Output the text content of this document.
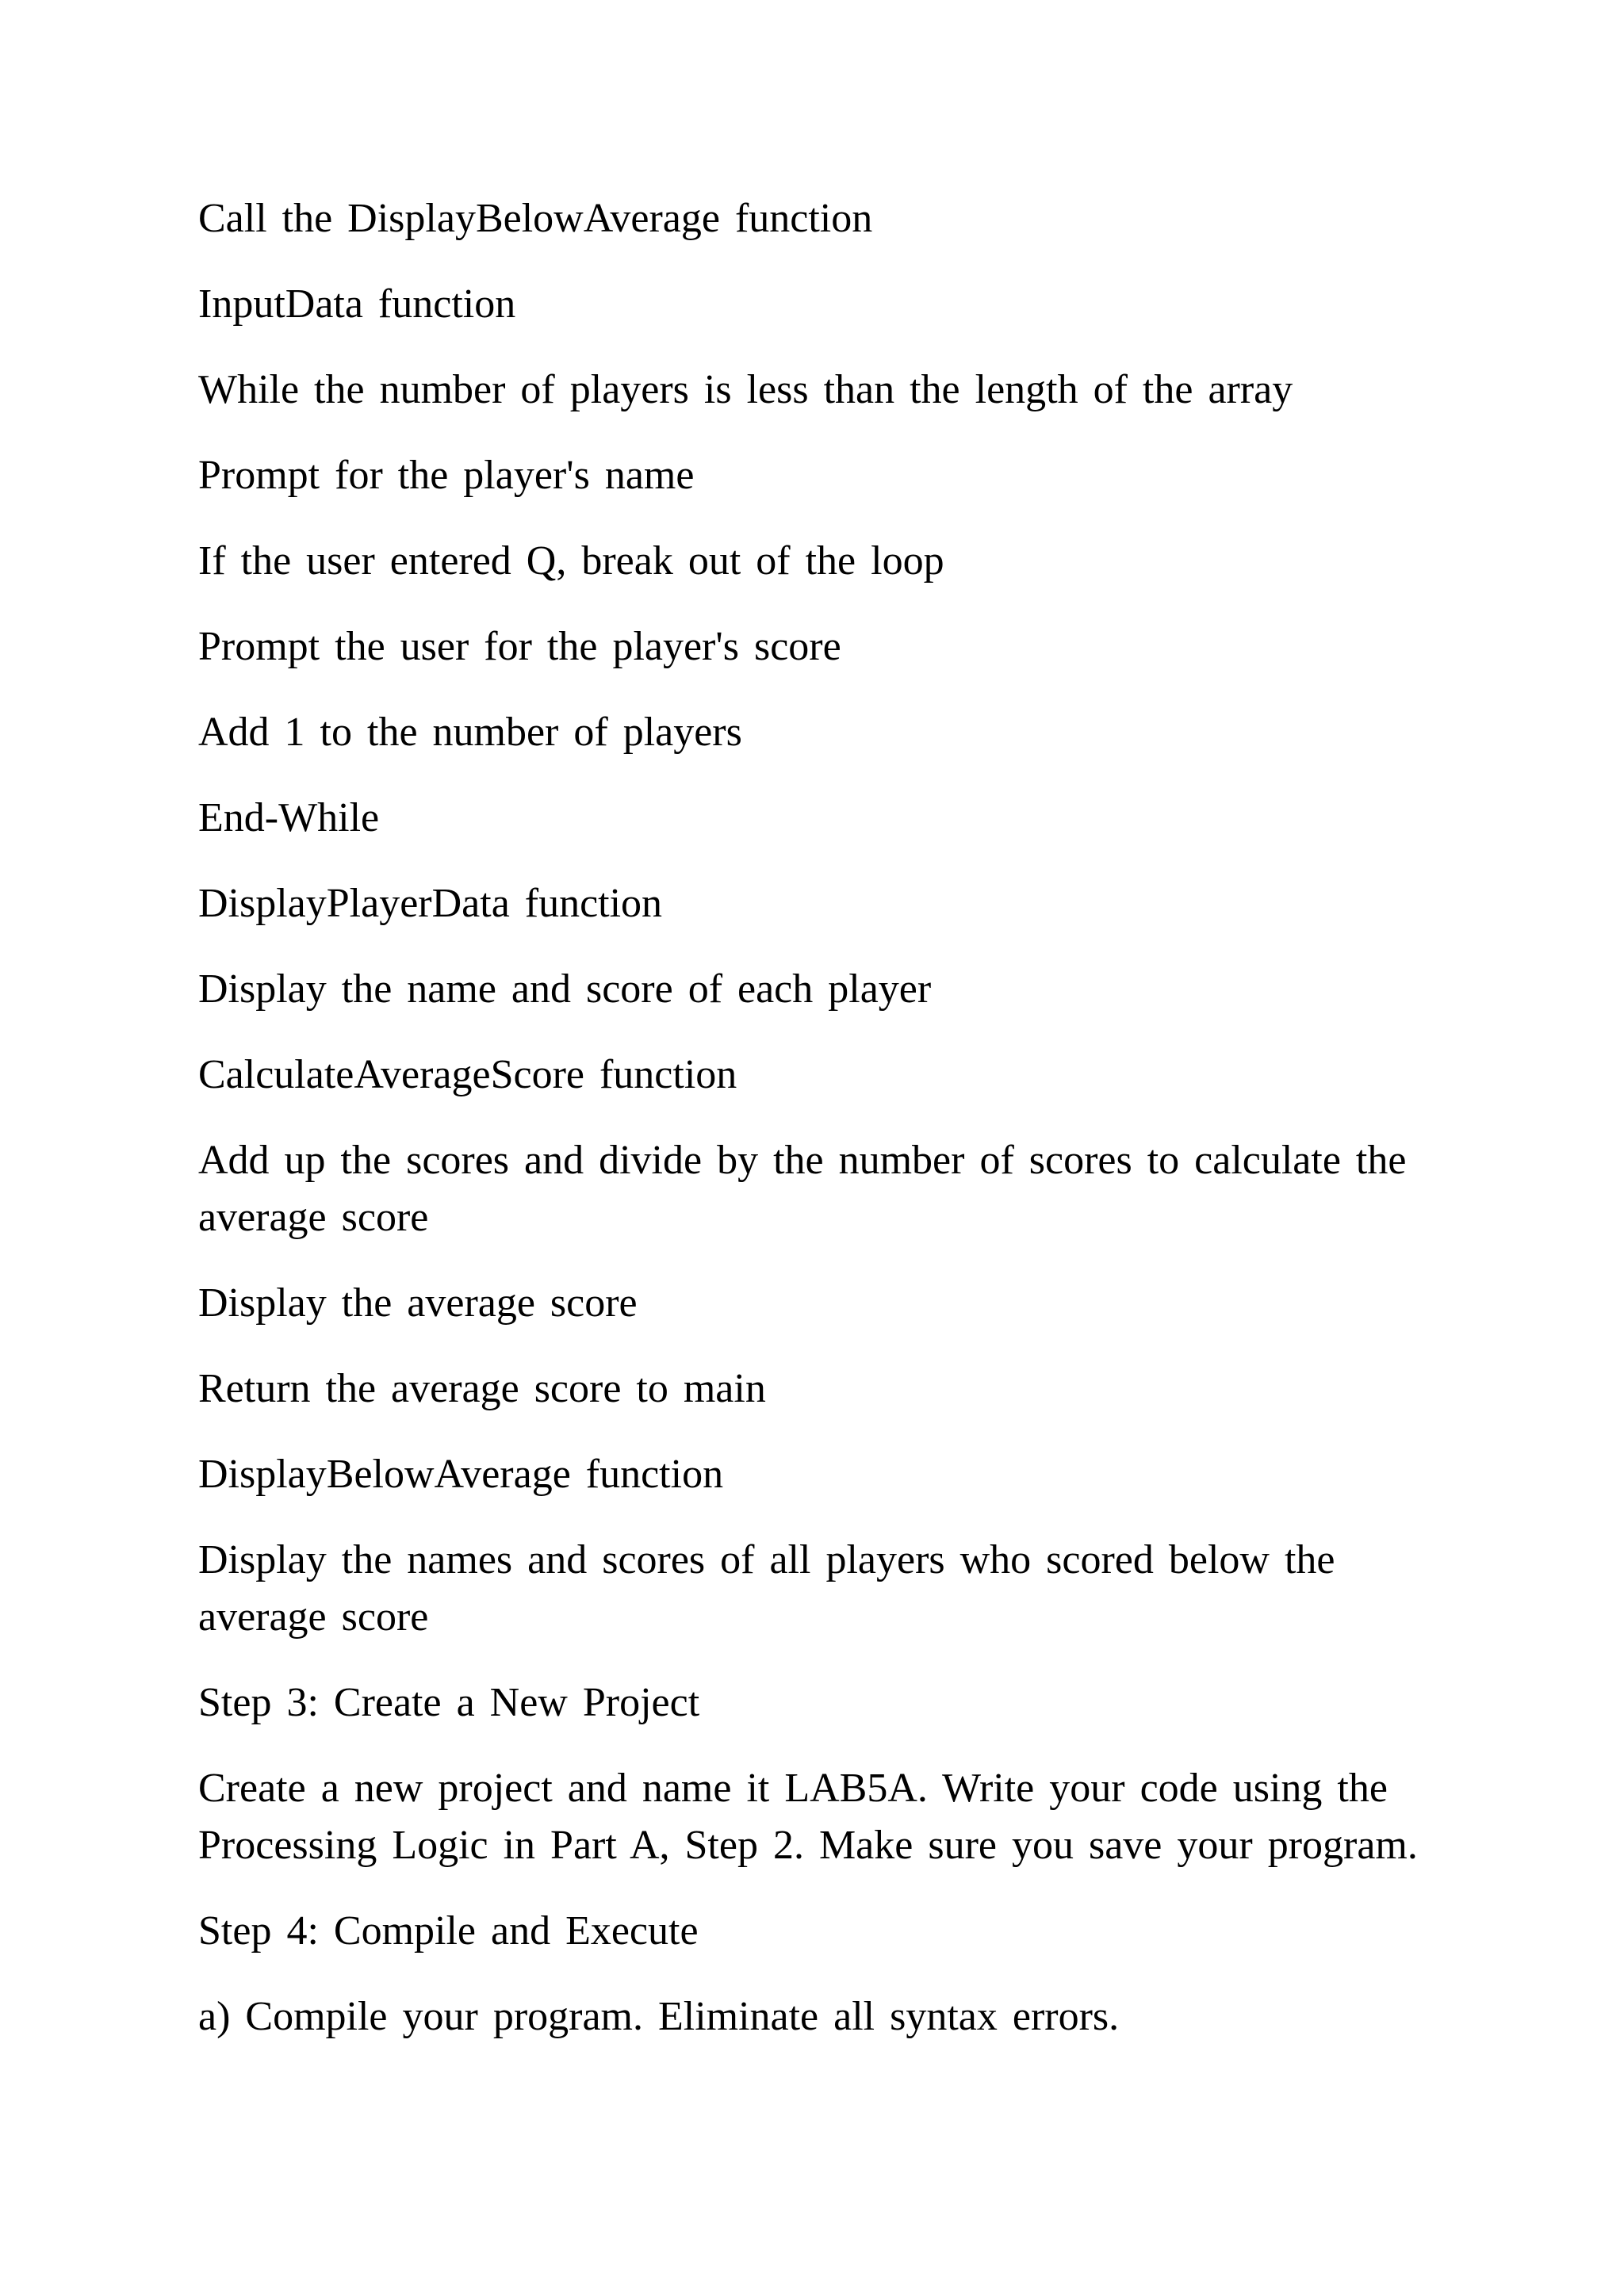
Call the DisplayBelowAverage function

InputData function

While the number of players is less than the length of the array

Prompt for the player's name

If the user entered Q, break out of the loop

Prompt the user for the player's score

Add 1 to the number of players

End-While

DisplayPlayerData function

Display the name and score of each player

CalculateAverageScore function

Add up the scores and divide by the number of scores to calculate the average score

Display the average score

Return the average score to main

DisplayBelowAverage function

Display the names and scores of all players who scored below the average score

Step 3: Create a New Project

Create a new project and name it LAB5A. Write your code using the Processing Logic in Part A, Step 2. Make sure you save your program.

Step 4: Compile and Execute

a) Compile your program. Eliminate all syntax errors.
